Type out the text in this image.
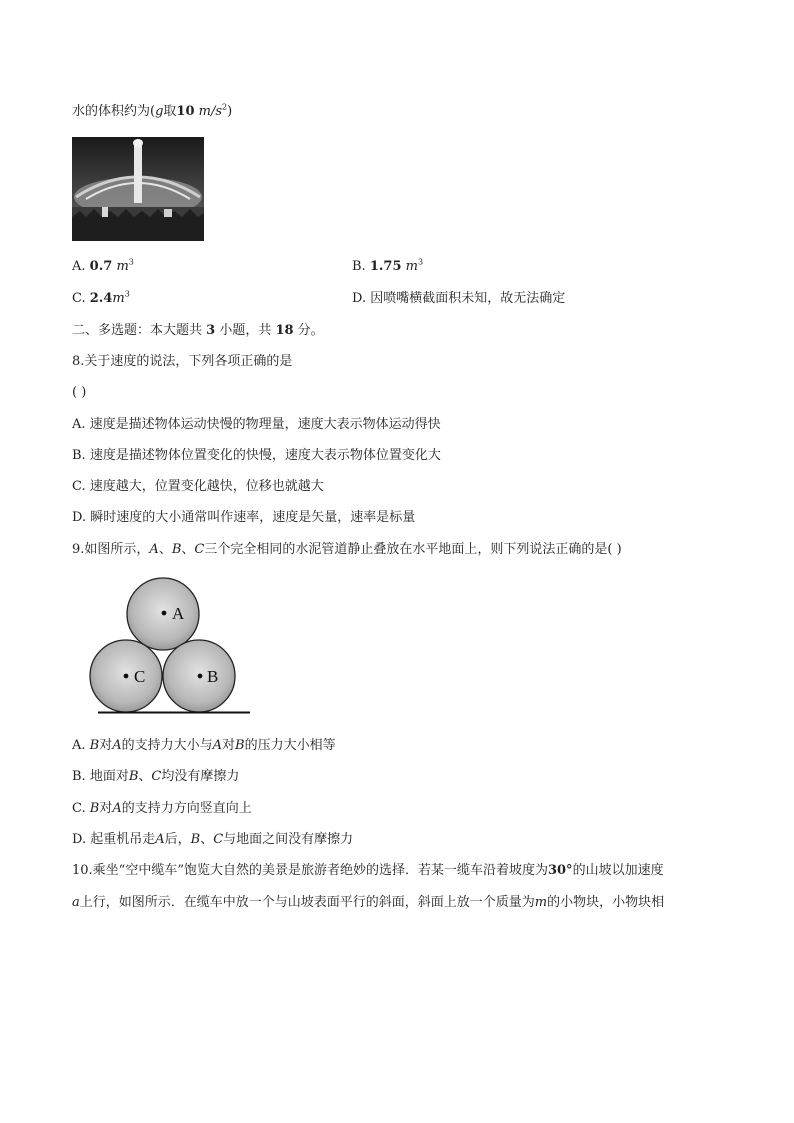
水的体积约为(g取10 $m/s^2$)
A. 0.7 $m^3$	B. 1.75 $m^3$
C. $2.4m^3$	D. 因喷嘴横截面积未知，故无法确定
二、多选题：本大题共 3 小题，共 18 分。
8.关于速度的说法，下列各项正确的是
( )
A. 速度是描述物体运动快慢的物理量，速度大表示物体运动得快
B. 速度是描述物体位置变化的快慢，速度大表示物体位置变化大
C. 速度越大，位置变化越快，位移也就越大
D. 瞬时速度的大小通常叫作速率，速度是矢量，速率是标量
9.如图所示，A、B、C三个完全相同的水泥管道静止叠放在水平地面上，则下列说法正确的是( )
A
C	B
A. B对A的支持力大小与A对B的压力大小相等
B. 地面对B、C均没有摩擦力
C. B对A的支持力方向竖直向上
D. 起重机吊走A后，B、C与地面之间没有摩擦力
10.乘坐“空中缆车”饱览大自然的美景是旅游者绝妙的选择．若某一缆车沿着坡度为30°的山坡以加速度
a上行，如图所示．在缆车中放一个与山坡表面平行的斜面，斜面上放一个质量为m的小物块，小物块相
